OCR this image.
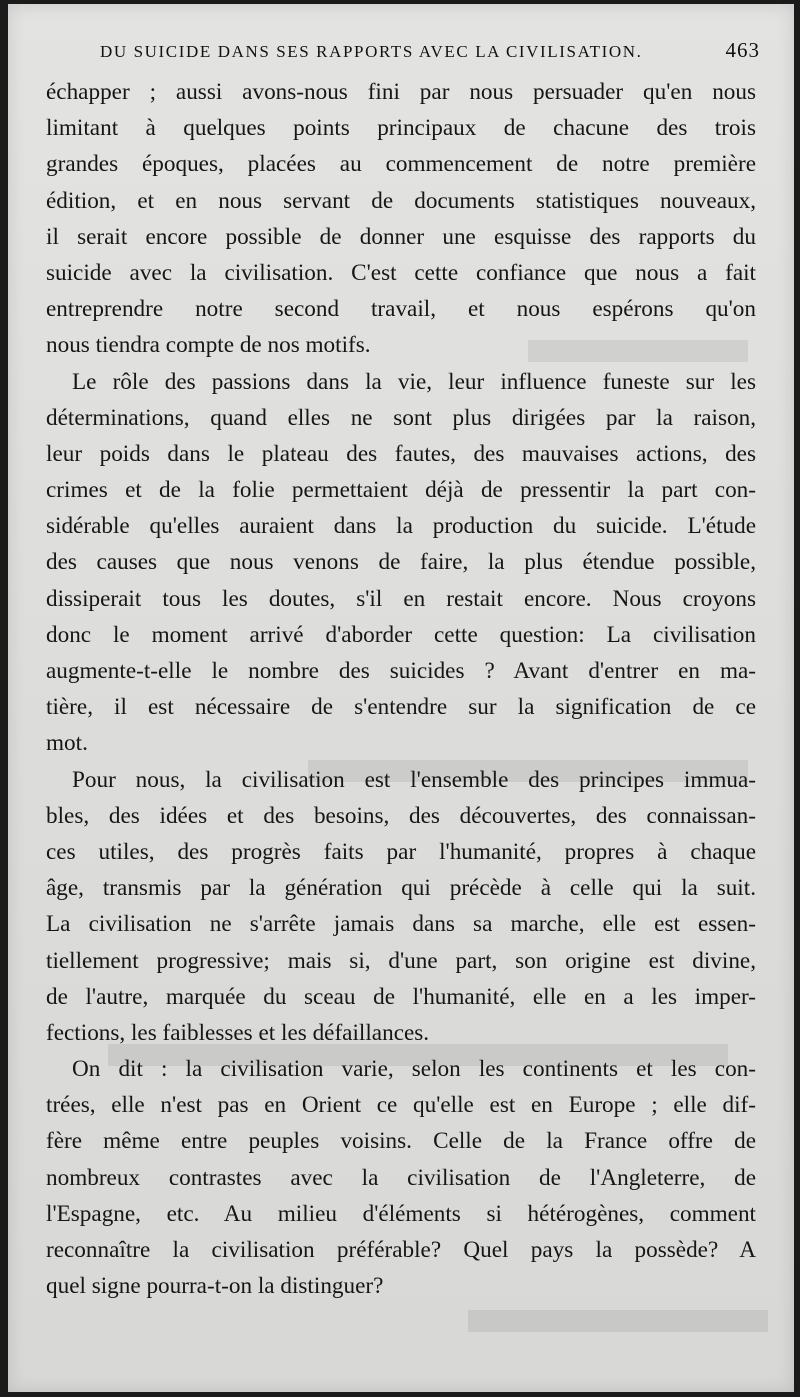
DU SUICIDE DANS SES RAPPORTS AVEC LA CIVILISATION.	463
échapper ; aussi avons-nous fini par nous persuader qu'en nous
limitant à quelques points principaux de chacune des trois
grandes époques, placées au commencement de notre première
édition, et en nous servant de documents statistiques nouveaux,
il serait encore possible de donner une esquisse des rapports du
suicide avec la civilisation. C'est cette confiance que nous a fait
entreprendre notre second travail, et nous espérons qu'on
nous tiendra compte de nos motifs.
Le rôle des passions dans la vie, leur influence funeste sur les
déterminations, quand elles ne sont plus dirigées par la raison,
leur poids dans le plateau des fautes, des mauvaises actions, des
crimes et de la folie permettaient déjà de pressentir la part con-
sidérable qu'elles auraient dans la production du suicide. L'étude
des causes que nous venons de faire, la plus étendue possible,
dissiperait tous les doutes, s'il en restait encore. Nous croyons
donc le moment arrivé d'aborder cette question: La civilisation
augmente-t-elle le nombre des suicides ? Avant d'entrer en ma-
tière, il est nécessaire de s'entendre sur la signification de ce
mot.
Pour nous, la civilisation est l'ensemble des principes immua-
bles, des idées et des besoins, des découvertes, des connaissan-
ces utiles, des progrès faits par l'humanité, propres à chaque
âge, transmis par la génération qui précède à celle qui la suit.
La civilisation ne s'arrête jamais dans sa marche, elle est essen-
tiellement progressive; mais si, d'une part, son origine est divine,
de l'autre, marquée du sceau de l'humanité, elle en a les imper-
fections, les faiblesses et les défaillances.
On dit : la civilisation varie, selon les continents et les con-
trées, elle n'est pas en Orient ce qu'elle est en Europe ; elle dif-
fère même entre peuples voisins. Celle de la France offre de
nombreux contrastes avec la civilisation de l'Angleterre, de
l'Espagne, etc. Au milieu d'éléments si hétérogènes, comment
reconnaître la civilisation préférable? Quel pays la possède? A
quel signe pourra-t-on la distinguer?
